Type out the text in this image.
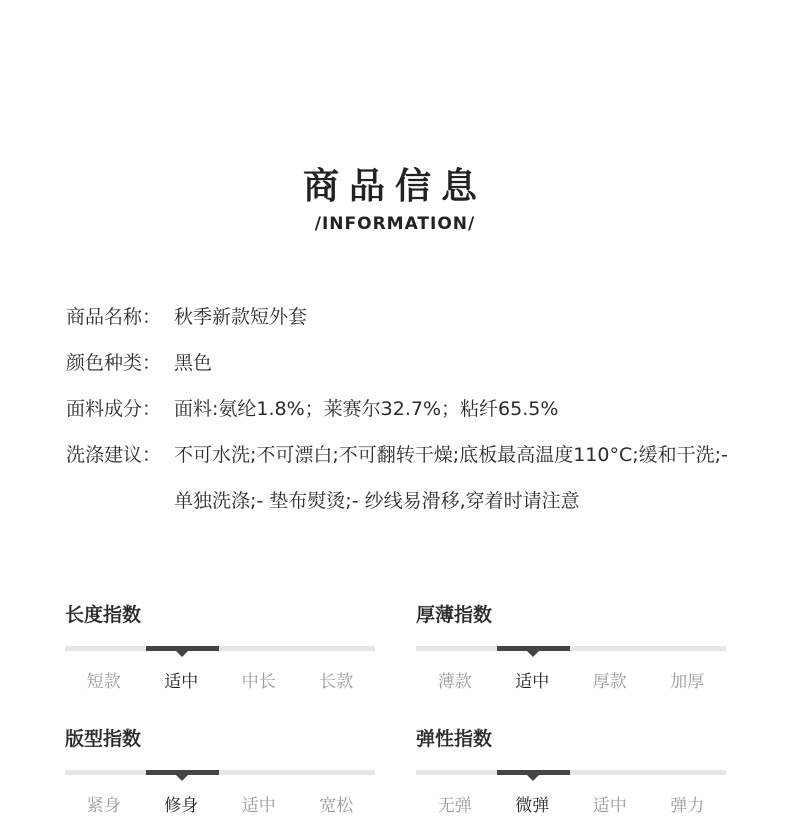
商品信息
/INFORMATION/
商品名称： 秋季新款短外套
颜色种类： 黑色
面料成分： 面料:氨纶1.8%；莱赛尔32.7%；粘纤65.5%
洗涤建议： 不可水洗;不可漂白;不可翻转干燥;底板最高温度110°C;缓和干洗;- 单独洗涤;- 垫布熨烫;- 纱线易滑移,穿着时请注意
长度指数
短款	适中	中长	长款
厚薄指数
薄款	适中	厚款	加厚
版型指数
紧身	修身	适中	宽松
弹性指数
无弹	微弹	适中	弹力
